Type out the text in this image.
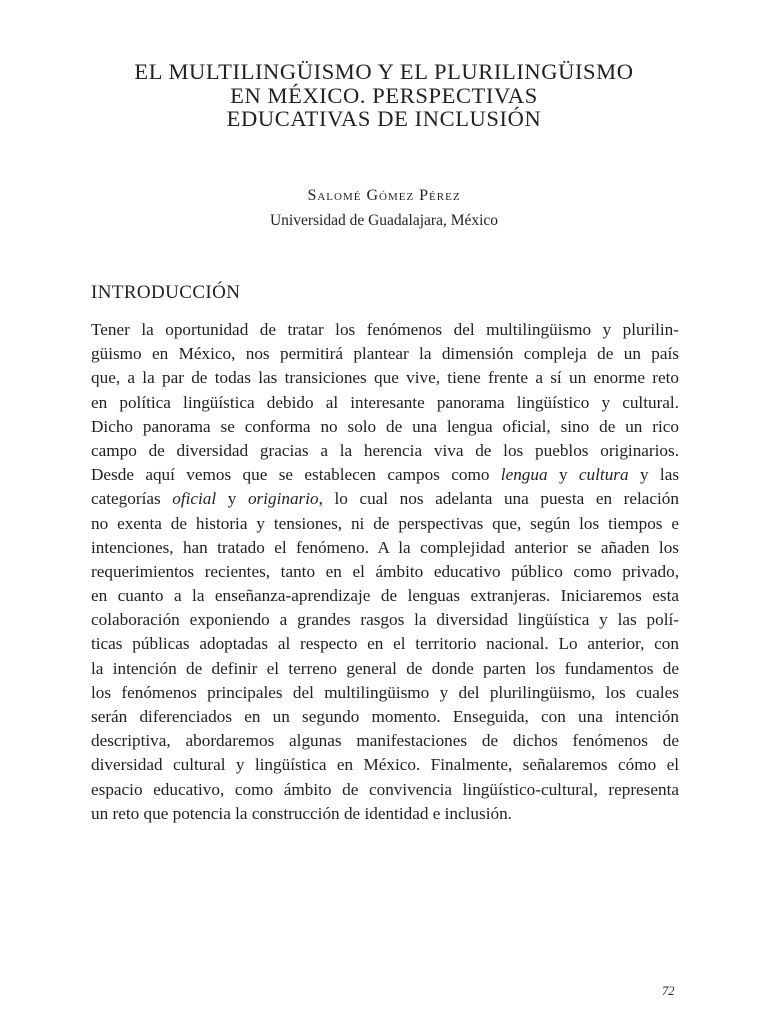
EL MULTILINGÜISMO Y EL PLURILINGÜISMO
EN MÉXICO. PERSPECTIVAS
EDUCATIVAS DE INCLUSIÓN
Salomé Gómez Pérez
Universidad de Guadalajara, México
INTRODUCCIÓN
Tener la oportunidad de tratar los fenómenos del multilingüismo y plurilin-
güismo en México, nos permitirá plantear la dimensión compleja de un país
que, a la par de todas las transiciones que vive, tiene frente a sí un enorme reto
en política lingüística debido al interesante panorama lingüístico y cultural.
Dicho panorama se conforma no solo de una lengua oficial, sino de un rico
campo de diversidad gracias a la herencia viva de los pueblos originarios.
Desde aquí vemos que se establecen campos como lengua y cultura y las
categorías oficial y originario, lo cual nos adelanta una puesta en relación
no exenta de historia y tensiones, ni de perspectivas que, según los tiempos e
intenciones, han tratado el fenómeno. A la complejidad anterior se añaden los
requerimientos recientes, tanto en el ámbito educativo público como privado,
en cuanto a la enseñanza-aprendizaje de lenguas extranjeras. Iniciaremos esta
colaboración exponiendo a grandes rasgos la diversidad lingüística y las polí-
ticas públicas adoptadas al respecto en el territorio nacional. Lo anterior, con
la intención de definir el terreno general de donde parten los fundamentos de
los fenómenos principales del multilingüismo y del plurilingüismo, los cuales
serán diferenciados en un segundo momento. Enseguida, con una intención
descriptiva, abordaremos algunas manifestaciones de dichos fenómenos de
diversidad cultural y lingüística en México. Finalmente, señalaremos cómo el
espacio educativo, como ámbito de convivencia lingüístico-cultural, representa
un reto que potencia la construcción de identidad e inclusión.
72
